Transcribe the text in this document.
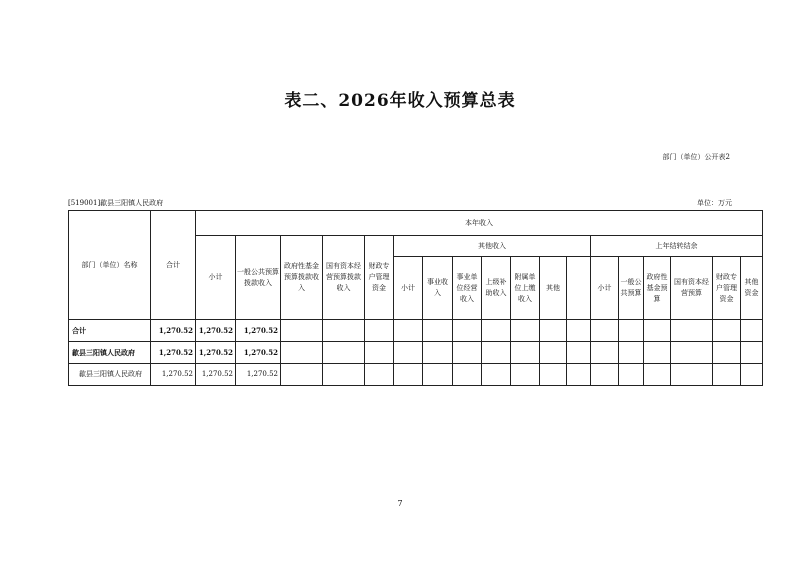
表二、2026年收入预算总表
部门（单位）公开表2
[519001]歙县三阳镇人民政府	单位：万元
部门（单位）名称	合计	本年收入																	
		小计	一般公共预算拨款收入	政府性基金预算拨款收入	国有资本经营预算拨款收入	财政专户管理资金	其他收入							上年结转结余					
							小计	事业收入	事业单位经营收入	上级补助收入	附属单位上缴收入	其他		小计	一般公共预算	政府性基金预算	国有资本经营预算	财政专户管理资金	其他资金
合计	1,270.52	1,270.52	1,270.52																
歙县三阳镇人民政府	1,270.52	1,270.52	1,270.52																
歙县三阳镇人民政府	1,270.52	1,270.52	1,270.52																
7
